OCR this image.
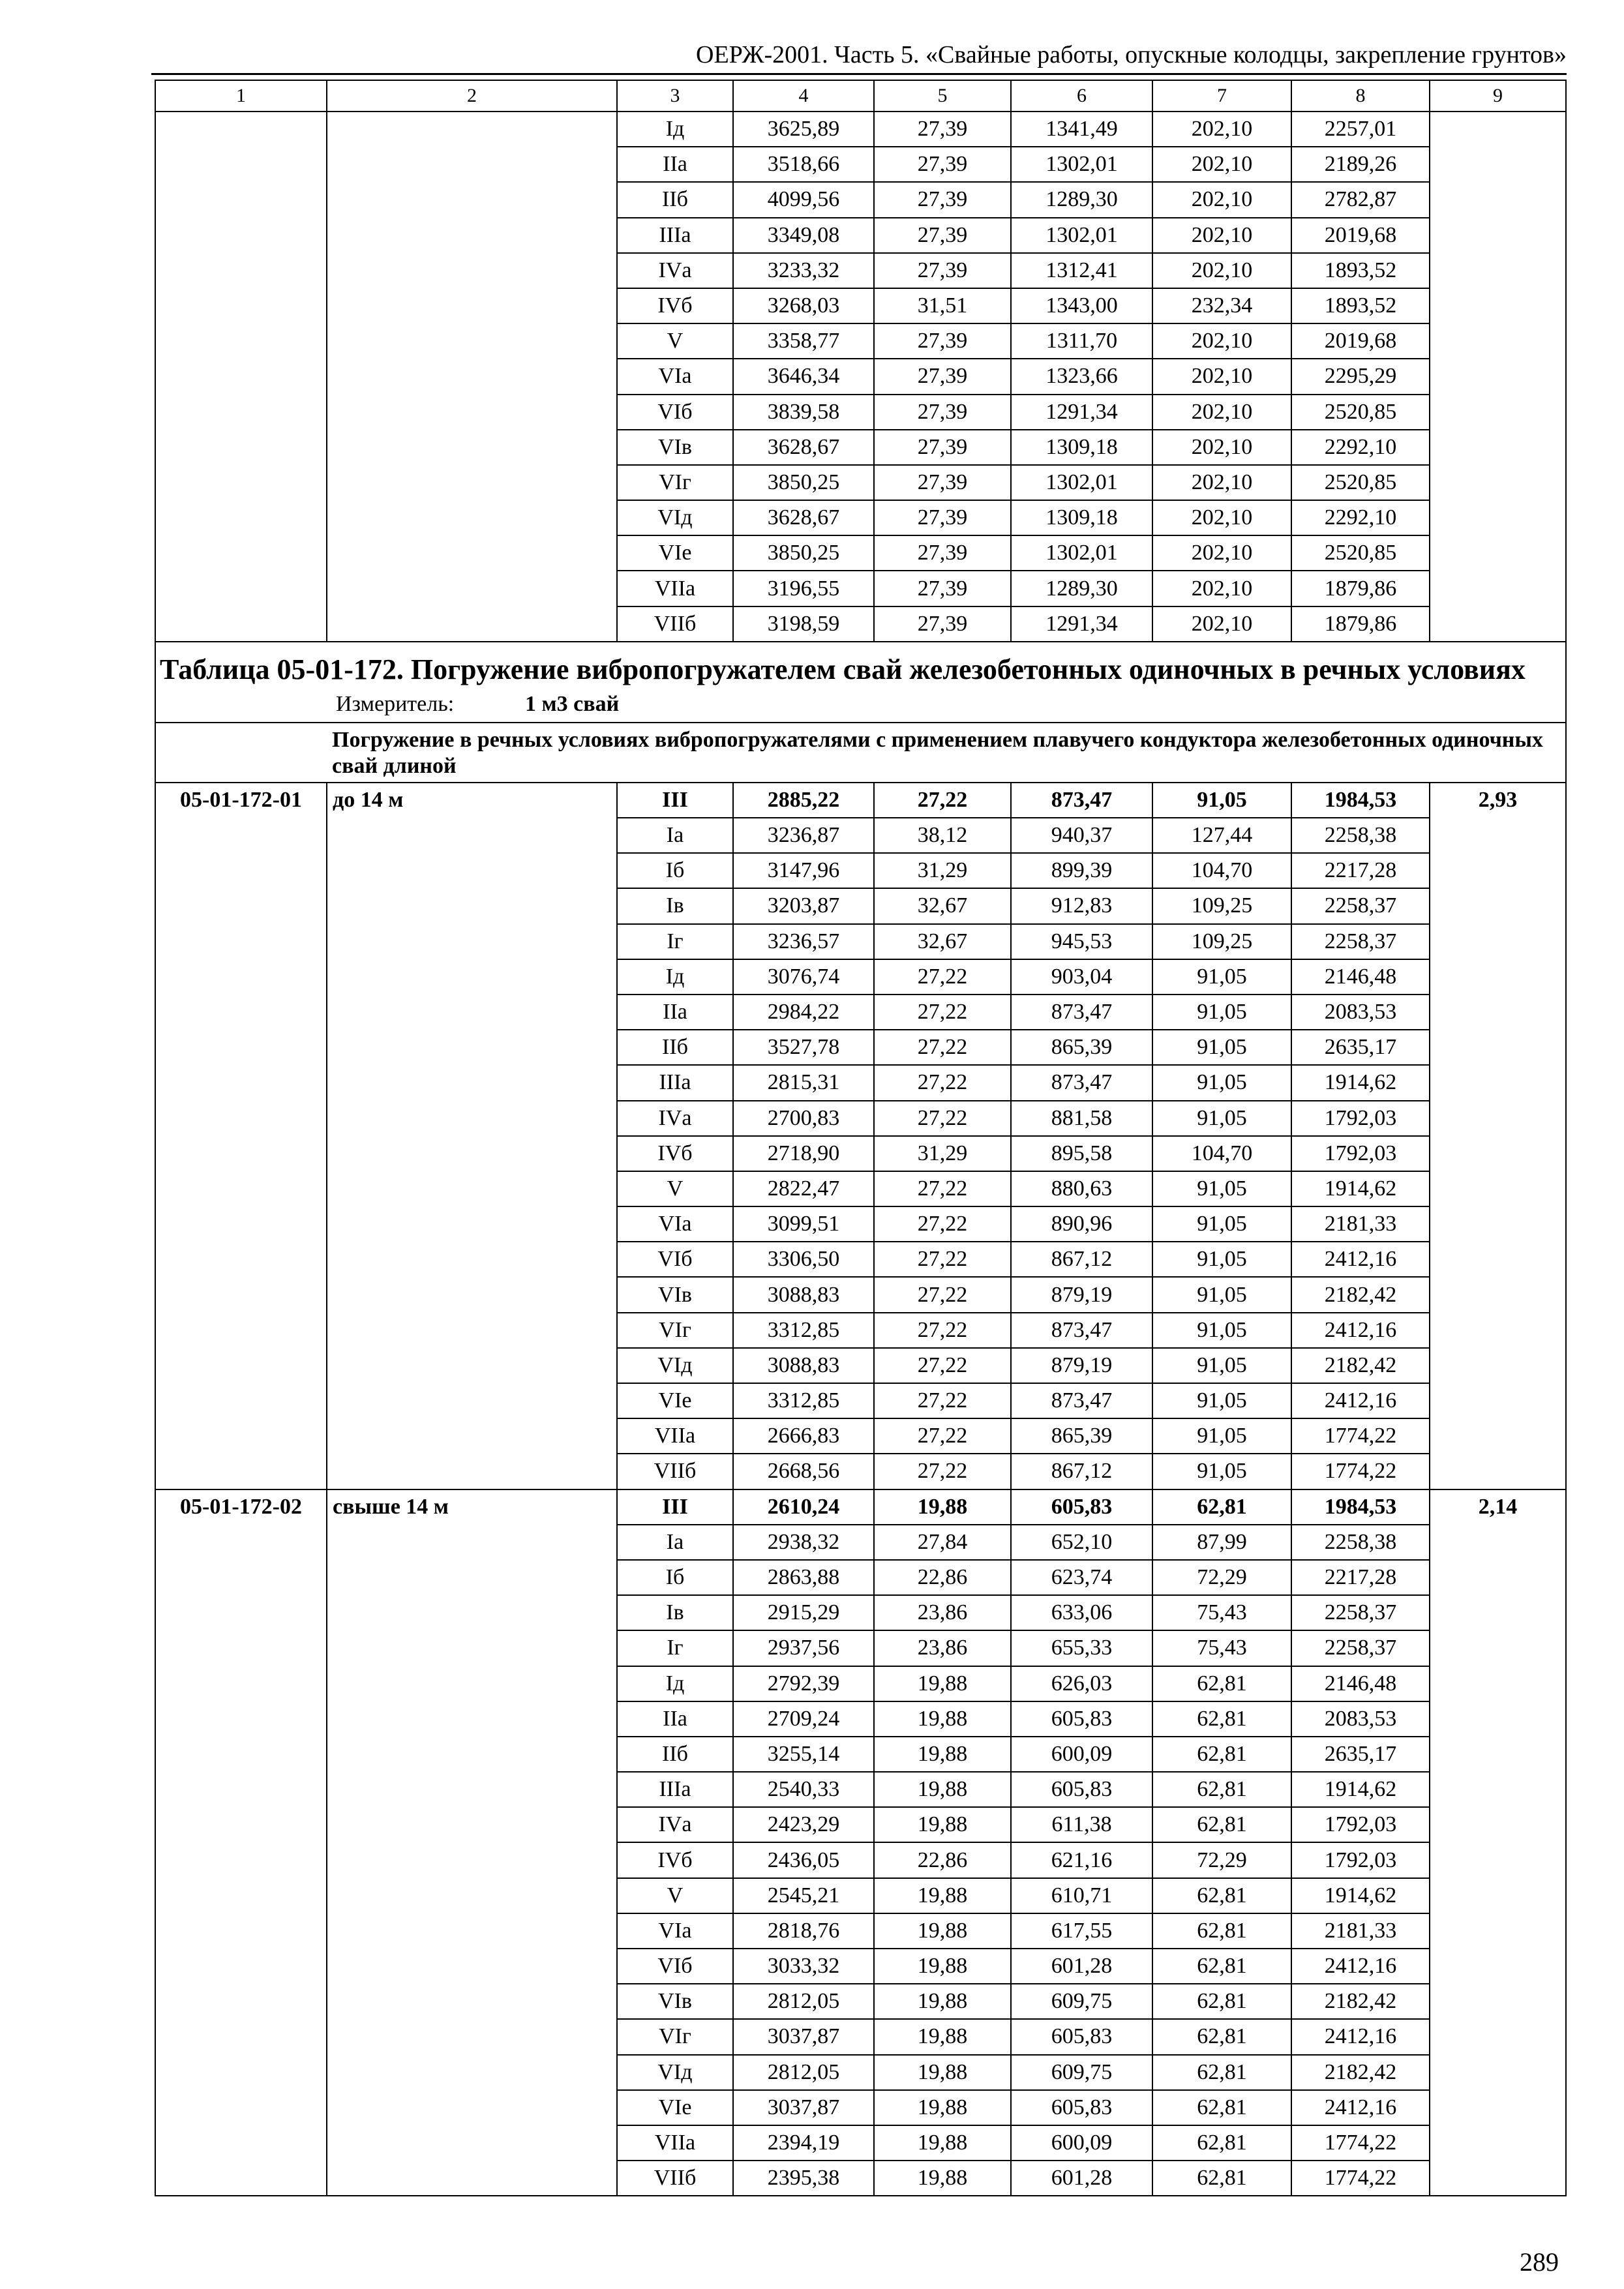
ОЕРЖ-2001. Часть 5. «Свайные работы, опускные колодцы, закрепление грунтов»
1	2	3	4	5	6	7	8	9
		Iд	3625,89	27,39	1341,49	202,10	2257,01	
		IIа	3518,66	27,39	1302,01	202,10	2189,26	
		IIб	4099,56	27,39	1289,30	202,10	2782,87	
		IIIа	3349,08	27,39	1302,01	202,10	2019,68	
		IVа	3233,32	27,39	1312,41	202,10	1893,52	
		IVб	3268,03	31,51	1343,00	232,34	1893,52	
		V	3358,77	27,39	1311,70	202,10	2019,68	
		VIа	3646,34	27,39	1323,66	202,10	2295,29	
		VIб	3839,58	27,39	1291,34	202,10	2520,85	
		VIв	3628,67	27,39	1309,18	202,10	2292,10	
		VIг	3850,25	27,39	1302,01	202,10	2520,85	
		VIд	3628,67	27,39	1309,18	202,10	2292,10	
		VIе	3850,25	27,39	1302,01	202,10	2520,85	
		VIIа	3196,55	27,39	1289,30	202,10	1879,86	
		VIIб	3198,59	27,39	1291,34	202,10	1879,86	

Таблица 05-01-172. Погружение вибропогружателем свай железобетонных одиночных в речных условиях
Измеритель: 1 м3 свай								

Погружение в речных условиях вибропогружателями с применением плавучего кондуктора железобетонных одиночных свай длиной								
05-01-172-01	до 14 м	III	2885,22	27,22	873,47	91,05	1984,53	2,93
		Iа	3236,87	38,12	940,37	127,44	2258,38	
		Iб	3147,96	31,29	899,39	104,70	2217,28	
		Iв	3203,87	32,67	912,83	109,25	2258,37	
		Iг	3236,57	32,67	945,53	109,25	2258,37	
		Iд	3076,74	27,22	903,04	91,05	2146,48	
		IIа	2984,22	27,22	873,47	91,05	2083,53	
		IIб	3527,78	27,22	865,39	91,05	2635,17	
		IIIа	2815,31	27,22	873,47	91,05	1914,62	
		IVа	2700,83	27,22	881,58	91,05	1792,03	
		IVб	2718,90	31,29	895,58	104,70	1792,03	
		V	2822,47	27,22	880,63	91,05	1914,62	
		VIа	3099,51	27,22	890,96	91,05	2181,33	
		VIб	3306,50	27,22	867,12	91,05	2412,16	
		VIв	3088,83	27,22	879,19	91,05	2182,42	
		VIг	3312,85	27,22	873,47	91,05	2412,16	
		VIд	3088,83	27,22	879,19	91,05	2182,42	
		VIе	3312,85	27,22	873,47	91,05	2412,16	
		VIIа	2666,83	27,22	865,39	91,05	1774,22	
		VIIб	2668,56	27,22	867,12	91,05	1774,22	
05-01-172-02	свыше 14 м	III	2610,24	19,88	605,83	62,81	1984,53	2,14
		Iа	2938,32	27,84	652,10	87,99	2258,38	
		Iб	2863,88	22,86	623,74	72,29	2217,28	
		Iв	2915,29	23,86	633,06	75,43	2258,37	
		Iг	2937,56	23,86	655,33	75,43	2258,37	
		Iд	2792,39	19,88	626,03	62,81	2146,48	
		IIа	2709,24	19,88	605,83	62,81	2083,53	
		IIб	3255,14	19,88	600,09	62,81	2635,17	
		IIIа	2540,33	19,88	605,83	62,81	1914,62	
		IVа	2423,29	19,88	611,38	62,81	1792,03	
		IVб	2436,05	22,86	621,16	72,29	1792,03	
		V	2545,21	19,88	610,71	62,81	1914,62	
		VIа	2818,76	19,88	617,55	62,81	2181,33	
		VIб	3033,32	19,88	601,28	62,81	2412,16	
		VIв	2812,05	19,88	609,75	62,81	2182,42	
		VIг	3037,87	19,88	605,83	62,81	2412,16	
		VIд	2812,05	19,88	609,75	62,81	2182,42	
		VIе	3037,87	19,88	605,83	62,81	2412,16	
		VIIа	2394,19	19,88	600,09	62,81	1774,22	
		VIIб	2395,38	19,88	601,28	62,81	1774,22	
289
